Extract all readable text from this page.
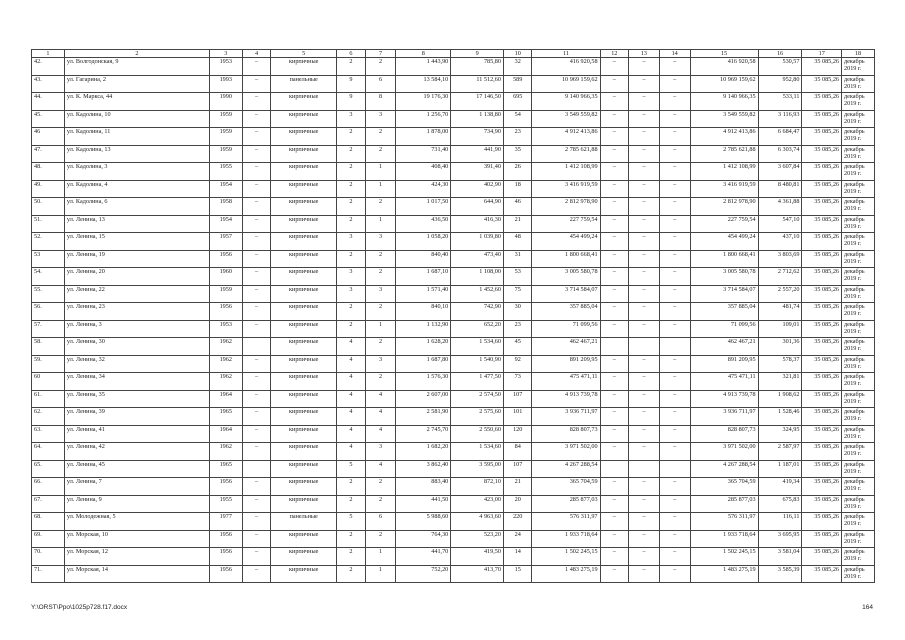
1	2	3	4	5	6	7	8	9	10	11	12	13	14	15	16	17	18
42.	ул. Волгодонская, 9	1953	–	кирпичные	2	2	1 443,90	785,80	32	416 920,58	–	–	–	416 920,58	530,57	35 085,26	декабрь 2019 г.
43.	ул. Гагарина, 2	1993	–	панельные	9	6	13 584,10	11 512,60	589	10 969 159,62	–	–	–	10 969 159,62	952,80	35 085,26	декабрь 2019 г.
44.	ул. К. Маркса, 44	1990	–	кирпичные	9	8	19 176,30	17 146,50	695	9 140 966,35	–	–	–	9 140 966,35	533,11	35 085,26	декабрь 2019 г.
45.	ул. Кадолина, 10	1959	–	кирпичные	3	3	1 256,70	1 138,80	54	3 549 559,82	–	–	–	3 549 559,82	3 116,93	35 085,26	декабрь 2019 г.
46	ул. Кадолина, 11	1959	–	кирпичные	2	2	1 878,00	734,90	23	4 912 413,86	–	–	–	4 912 413,86	6 684,47	35 085,26	декабрь 2019 г.
47.	ул. Кадолина, 13	1959	–	кирпичные	2	2	731,40	441,90	35	2 785 621,88	–	–	–	2 785 621,88	6 303,74	35 085,26	декабрь 2019 г.
48.	ул. Кадолина, 3	1955	–	кирпичные	2	1	408,40	391,40	26	1 412 108,99	–	–	–	1 412 108,99	3 607,84	35 085,26	декабрь 2019 г.
49.	ул. Кадолина, 4	1954	–	кирпичные	2	1	424,30	402,90	18	3 416 919,59	–	–	–	3 416 919,59	8 480,81	35 085,26	декабрь 2019 г.
50.	ул. Кадолина, 6	1958	–	кирпичные	2	2	1 017,50	644,90	46	2 812 978,90	–	–	–	2 812 978,90	4 361,88	35 085,26	декабрь 2019 г.
51.	ул. Ленина, 13	1954	–	кирпичные	2	1	436,50	416,30	21	227 759,54	–	–	–	227 759,54	547,10	35 085,26	декабрь 2019 г.
52.	ул. Ленина, 15	1957	–	кирпичные	3	3	1 058,20	1 039,80	48	454 499,24	–	–	–	454 499,24	437,10	35 085,26	декабрь 2019 г.
53	ул. Ленина, 19	1956	–	кирпичные	2	2	840,40	473,40	31	1 800 668,41	–	–	–	1 800 668,41	3 803,69	35 085,26	декабрь 2019 г.
54.	ул. Ленина, 20	1960	–	кирпичные	3	2	1 687,10	1 108,00	53	3 005 580,78	–	–	–	3 005 580,78	2 712,62	35 085,26	декабрь 2019 г.
55.	ул. Ленина, 22	1959	–	кирпичные	3	3	1 571,40	1 452,60	75	3 714 584,07	–	–	–	3 714 584,07	2 557,20	35 085,26	декабрь 2019 г.
56.	ул. Ленина, 23	1956	–	кирпичные	2	2	840,10	742,90	30	357 885,04	–	–	–	357 885,04	481,74	35 085,26	декабрь 2019 г.
57.	ул. Ленина, 3	1953	–	кирпичные	2	1	1 132,90	652,20	23	71 099,56	–	–	–	71 099,56	109,01	35 085,26	декабрь 2019 г.
58.	ул. Ленина, 30	1962		кирпичные	4	2	1 628,20	1 534,60	45	462 467,21				462 467,21	301,36	35 085,26	декабрь 2019 г.
59.	ул. Ленина, 32	1962	–	кирпичные	4	3	1 687,80	1 540,90	92	891 209,95	–	–	–	891 209,95	578,37	35 085,26	декабрь 2019 г.
60	ул. Ленина, 34	1962	–	кирпичные	4	2	1 576,30	1 477,50	73	475 471,11	–	–	–	475 471,11	321,81	35 085,26	декабрь 2019 г.
61.	ул. Ленина, 35	1964	–	кирпичные	4	4	2 607,00	2 574,50	107	4 913 739,78	–	–	–	4 913 739,78	1 908,62	35 085,26	декабрь 2019 г.
62.	ул. Ленина, 39	1965	–	кирпичные	4	4	2 581,90	2 575,60	101	3 936 711,97	–	–	–	3 936 711,97	1 528,46	35 085,26	декабрь 2019 г.
63.	ул. Ленина, 41	1964	–	кирпичные	4	4	2 745,70	2 550,60	120	828 807,73	–	–	–	828 807,73	324,95	35 085,26	декабрь 2019 г.
64.	ул. Ленина, 42	1962	–	кирпичные	4	3	1 682,20	1 534,60	84	3 971 502,00	–	–	–	3 971 502,00	2 587,97	35 085,26	декабрь 2019 г.
65.	ул. Ленина, 45	1965		кирпичные	5	4	3 862,40	3 595,00	107	4 267 288,54				4 267 288,54	1 187,01	35 085,26	декабрь 2019 г.
66.	ул. Ленина, 7	1956	–	кирпичные	2	2	883,40	872,10	21	365 704,59	–	–	–	365 704,59	419,34	35 085,26	декабрь 2019 г.
67.	ул. Ленина, 9	1955	–	кирпичные	2	2	441,50	423,00	20	285 877,03	–	–	–	285 877,03	675,83	35 085,26	декабрь 2019 г.
68.	ул. Молодежная, 5	1977	–	панельные	5	6	5 988,60	4 963,60	220	576 311,97	–	–	–	576 311,97	116,11	35 085,26	декабрь 2019 г.
69.	ул. Морская, 10	1956	–	кирпичные	2	2	764,30	523,20	24	1 933 718,64	–	–	–	1 933 718,64	3 695,95	35 085,26	декабрь 2019 г.
70.	ул. Морская, 12	1956	–	кирпичные	2	1	441,70	419,50	14	1 502 245,15	–	–	–	1 502 245,15	3 581,04	35 085,26	декабрь 2019 г.
71.	ул. Морская, 14	1956	–	кирпичные	2	1	752,20	413,70	15	1 483 275,19	–	–	–	1 483 275,19	3 585,39	35 085,26	декабрь 2019 г.
Y:\ORST\Ppo\1025p728.f17.docx	164
